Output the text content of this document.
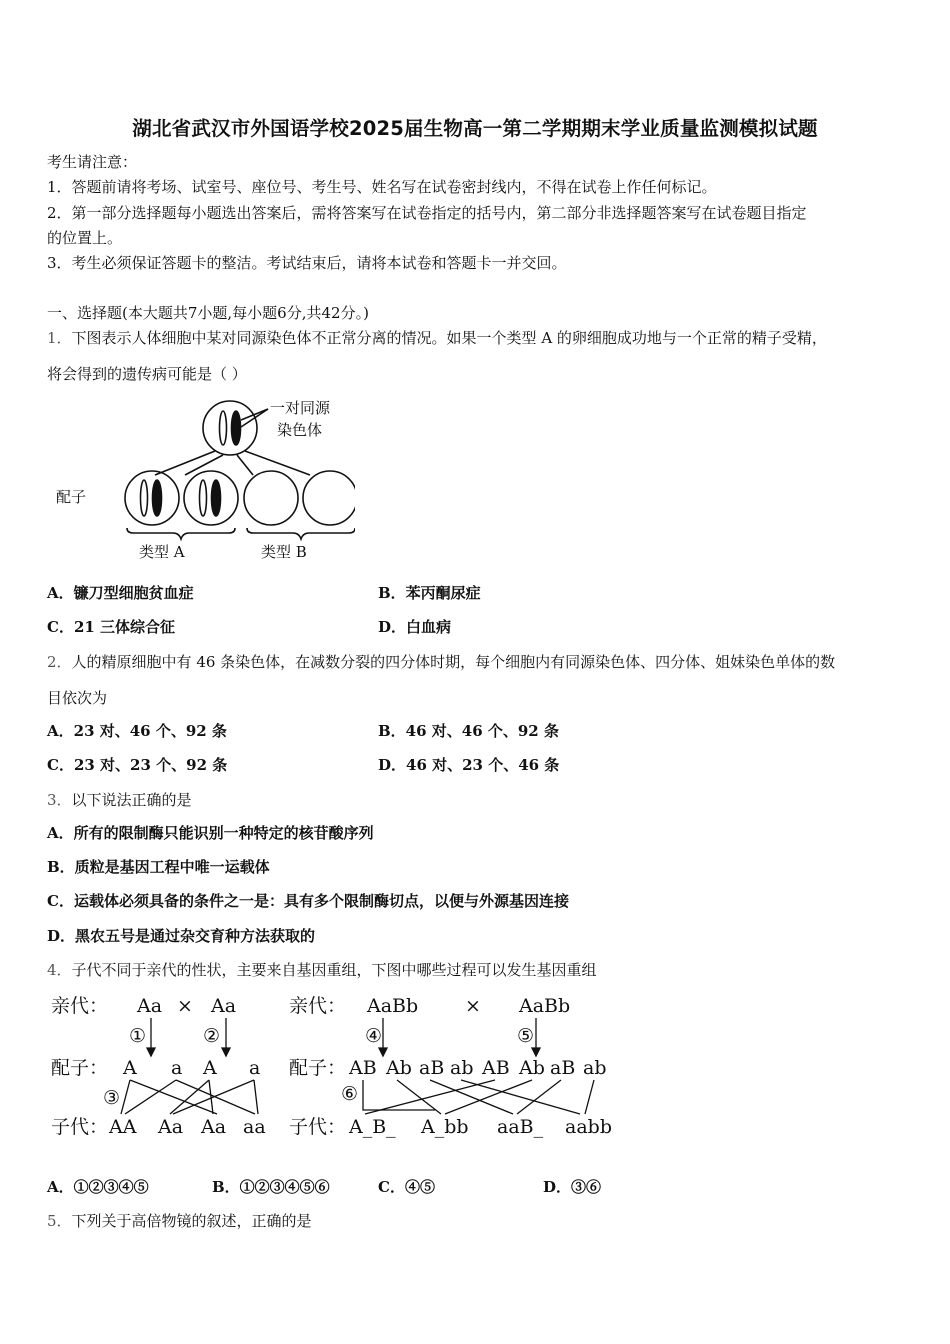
湖北省武汉市外国语学校2025届生物高一第二学期期末学业质量监测模拟试题
考生请注意：
1．答题前请将考场、试室号、座位号、考生号、姓名写在试卷密封线内，不得在试卷上作任何标记。
2．第一部分选择题每小题选出答案后，需将答案写在试卷指定的括号内，第二部分非选择题答案写在试卷题目指定
的位置上。
3．考生必须保证答题卡的整洁。考试结束后，请将本试卷和答题卡一并交回。
一、选择题(本大题共7小题,每小题6分,共42分。)
1．下图表示人体细胞中某对同源染色体不正常分离的情况。如果一个类型 A 的卵细胞成功地与一个正常的精子受精，
将会得到的遗传病可能是（ ）
一对同源
染色体
配子
类型 A	类型 B
A．镰刀型细胞贫血症	B．苯丙酮尿症
C．21 三体综合征	D．白血病
2．人的精原细胞中有 46 条染色体，在减数分裂的四分体时期，每个细胞内有同源染色体、四分体、姐妹染色单体的数
目依次为
A．23 对、46 个、92 条	B．46 对、46 个、92 条
C．23 对、23 个、92 条	D．46 对、23 个、46 条
3．以下说法正确的是
A．所有的限制酶只能识别一种特定的核苷酸序列
B．质粒是基因工程中唯一运载体
C．运载体必须具备的条件之一是：具有多个限制酶切点，以便与外源基因连接
D．黑农五号是通过杂交育种方法获取的
4．子代不同于亲代的性状，主要来自基因重组，下图中哪些过程可以发生基因重组
亲代：
配子：
子代：
Aa × Aa
①	②
③
A a A a
AA Aa Aa aa
亲代：
配子：
子代：
AaBb × AaBb
④	⑤
⑥
AB Ab aB ab AB Ab aB ab
A_B_ A_bb aaB_ aabb
A．①②③④⑤	B．①②③④⑤⑥	C．④⑤	D．③⑥
5．下列关于高倍物镜的叙述，正确的是
